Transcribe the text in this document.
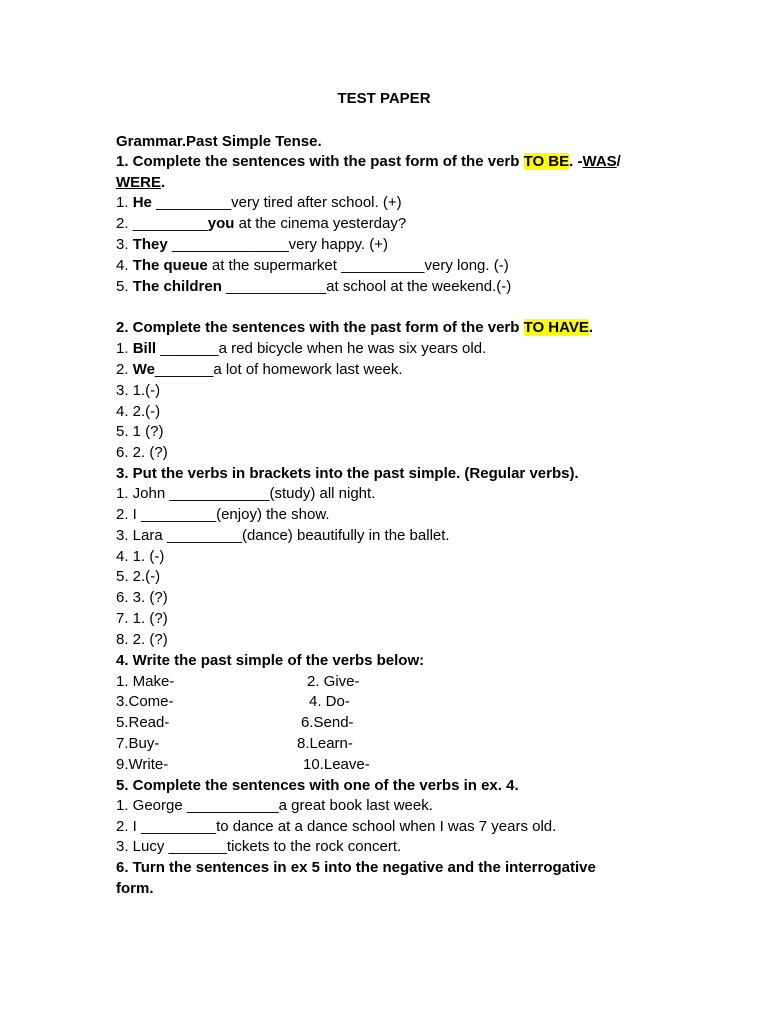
TEST PAPER
Grammar.Past Simple Tense.
1. Complete the sentences with the past form of the verb TO BE. -WAS/
WERE.
1. He _________very tired after school. (+)
2. _________you at the cinema yesterday?
3. They ______________very happy. (+)
4. The queue at the supermarket __________very long. (-)
5. The children ____________at school at the weekend.(-)
2. Complete the sentences with the past form of the verb TO HAVE.
1. Bill _______a red bicycle when he was six years old.
2. We_______a lot of homework last week.
3. 1.(-)
4. 2.(-)
5. 1 (?)
6. 2. (?)
3. Put the verbs in brackets into the past simple. (Regular verbs).
1. John ____________(study) all night.
2. I _________(enjoy) the show.
3. Lara _________(dance) beautifully in the ballet.
4. 1. (-)
5. 2.(-)
6. 3. (?)
7. 1. (?)
8. 2. (?)
4. Write the past simple of the verbs below:
1. Make-	2. Give-
3.Come-	4. Do-
5.Read-	6.Send-
7.Buy-	8.Learn-
9.Write-	10.Leave-
5. Complete the sentences with one of the verbs in ex. 4.
1. George ___________a great book last week.
2. I _________to dance at a dance school when I was 7 years old.
3. Lucy _______tickets to the rock concert.
6. Turn the sentences in ex 5 into the negative and the interrogative
form.
